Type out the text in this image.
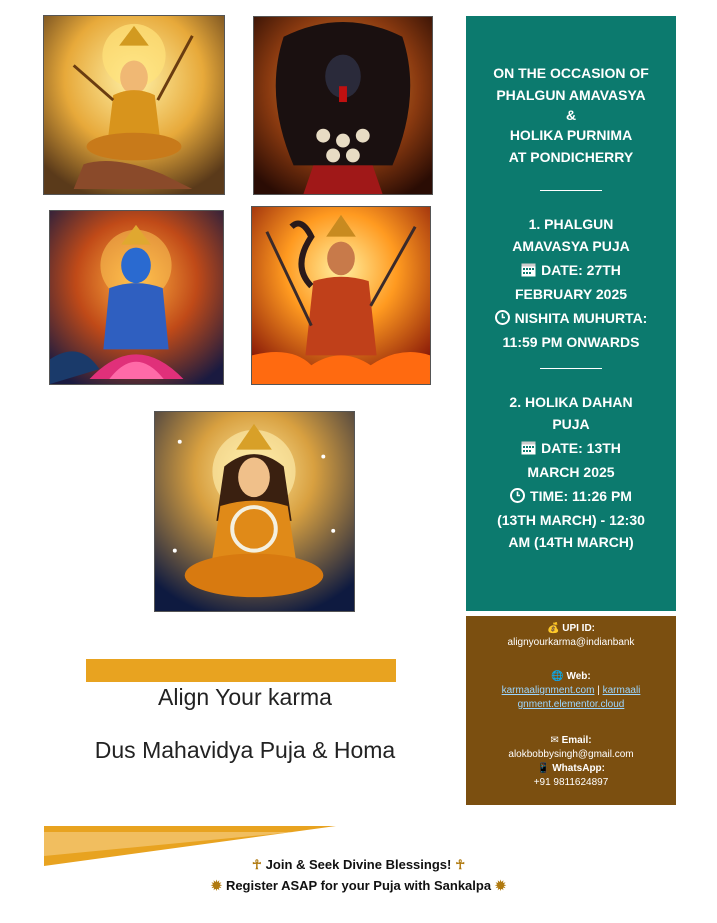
ON THE OCCASION OF

PHALGUN AMAVASYA

&

HOLIKA PURNIMA

AT PONDICHERRY

1. PHALGUN

AMAVASYA PUJA

DATE: 27TH

FEBRUARY 2025

NISHITA MUHURTA:

11:59 PM ONWARDS

2. HOLIKA DAHAN

PUJA

DATE: 13TH

MARCH 2025

TIME: 11:26 PM

(13TH MARCH) - 12:30

AM (14TH MARCH)

💰 UPI ID:
alignyourkarma@indianbank
🌐 Web:
karmaalignment.com | karmaali
gnment.elementor.cloud
✉ Email:
alokbobbysingh@gmail.com
📱 WhatsApp:
+91 9811624897
Align Your karma
Dus Mahavidya Puja & Homa
☥ Join & Seek Divine Blessings! ☥
✹ Register ASAP for your Puja with Sankalpa ✹
